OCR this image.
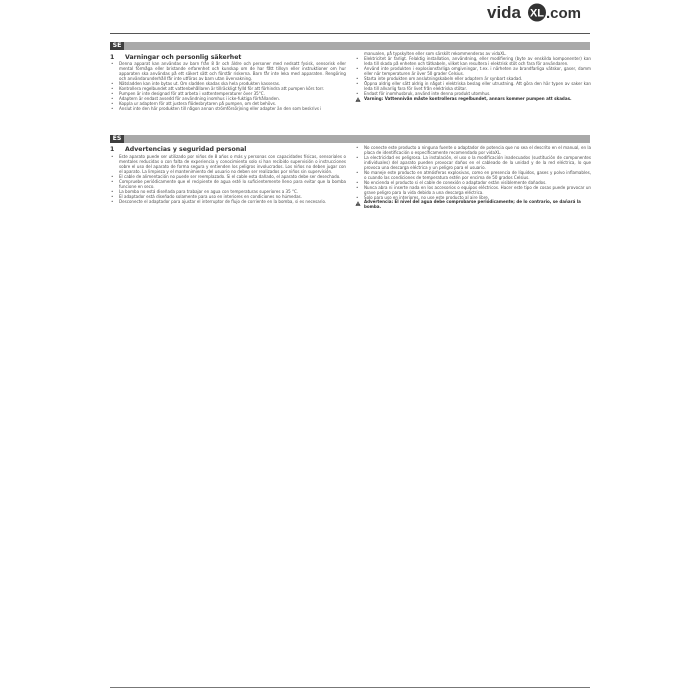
vida XL .com
SE
1 Varningar och personlig säkerhet
• Denna apparat kan användas av barn från 8 år och äldre och personer med nedsatt fysisk, sensorisk eller mental förmåga eller bristande erfarenhet och kunskap om de har fått tillsyn eller instruktioner om hur apparaten ska användas på ett säkert sätt och förstår riskerna. Barn får inte leka med apparaten. Rengöring och användarunderhåll får inte utföras av barn utan övervakning.
• Nätsladden kan inte bytas ut. Om sladden skadas ska hela produkten kasseras.
• Kontrollera regelbundet att vattenbehållaren är tillräckligt fylld för att förhindra att pumpen körs torr.
• Pumpen är inte designad för att arbeta i vattentemperaturer över 35°C.
• Adaptern är endast avsedd för användning inomhus i icke-fuktiga förhållanden.
• Koppla ur adaptern för att justera flödesbrytaren på pumpen, om det behövs.
• Anslut inte den här produkten till någon annan strömförsörjning eller adapter än den som beskrivs i
manualen, på typskylten eller som särskilt rekommenderas av vidaXL.
• Elektricitet är farligt. Felaktig installation, användning, eller modifiering (byte av enskilda komponenter) kan leda till skada på enheten och tätkabeln, vilket kan resultera i elektrisk stöt och fara för användaren.
• Använd inte produkten i explosionsfarliga omgivningar, t.ex. i närheten av brandfarliga vätskor, gaser, damm eller när temperaturen är över 50 grader Celsius.
• Starta inte produkten om anslutningskabeln eller adaptern är synbart skadad.
• Öppna aldrig eller sätt aldrig in något i elektriska beslag eller utrustning. Att göra den här typen av saker kan leda till allvarlig fara för livet från elektriska stötar.
• Endast för inomhusbruk, använd inte denna produkt utomhus.
Varning: Vattennivån måste kontrolleras regelbundet, annars kommer pumpen att skadas.
ES
1 Advertencias y seguridad personal
• Este aparato puede ser utilizado por niños de 8 años o más y personas con capacidades físicas, sensoriales o mentales reducidas o con falta de experiencia y conocimiento solo si han recibido supervisión o instrucciones sobre el uso del aparato de forma segura y entienden los peligros involucrados. Los niños no deben jugar con el aparato. La limpieza y el mantenimiento del usuario no deben ser realizados por niños sin supervisión.
• El cable de alimentación no puede ser reemplazado. Si el cable esta dañado, el aparato debe ser desechado.
• Compruebe periódicamente que el recipiente de agua esté lo suficientemente lleno para evitar que la bomba funcione en seco.
• La bomba no está diseñada para trabajar en agua con temperaturas superiores a 35 °C.
• El adaptador está diseñado solamente para uso en interiores en condiciones no húmedas.
• Desconecte el adaptador para ajustar el interruptor de flujo de corriente en la bomba, si es necesario.
• No conecte este producto a ninguna fuente o adaptador de potencia que no sea el descrito en el manual, en la placa de identificación o específicamente recomendado por vidaXL.
• La electricidad es peligrosa. La instalación, el uso o la modificación inadecuados (sustitución de componentes individuales) del aparato pueden provocar daños en el cableado de la unidad y de la red eléctrica, lo que provoca una descarga eléctrica y un peligro para el usuario.
• No maneje este producto en atmósferas explosivas, como en presencia de líquidos, gases y polvo inflamables, o cuando las condiciones de temperatura estén por encima de 50 grados Celsius.
• No encienda el producto si el cable de conexión o adaptador están visiblemente dañados.
• Nunca abra ni inserte nada en los accesorios o equipos eléctricos. Hacer este tipo de cosas puede provocar un grave peligro para la vida debido a una descarga eléctrica.
• Solo para uso en interiores, no use este producto al aire libre.
Advertencia: El nivel del agua debe comprobarse periódicamente; de lo contrario, se dañará la bomba.
